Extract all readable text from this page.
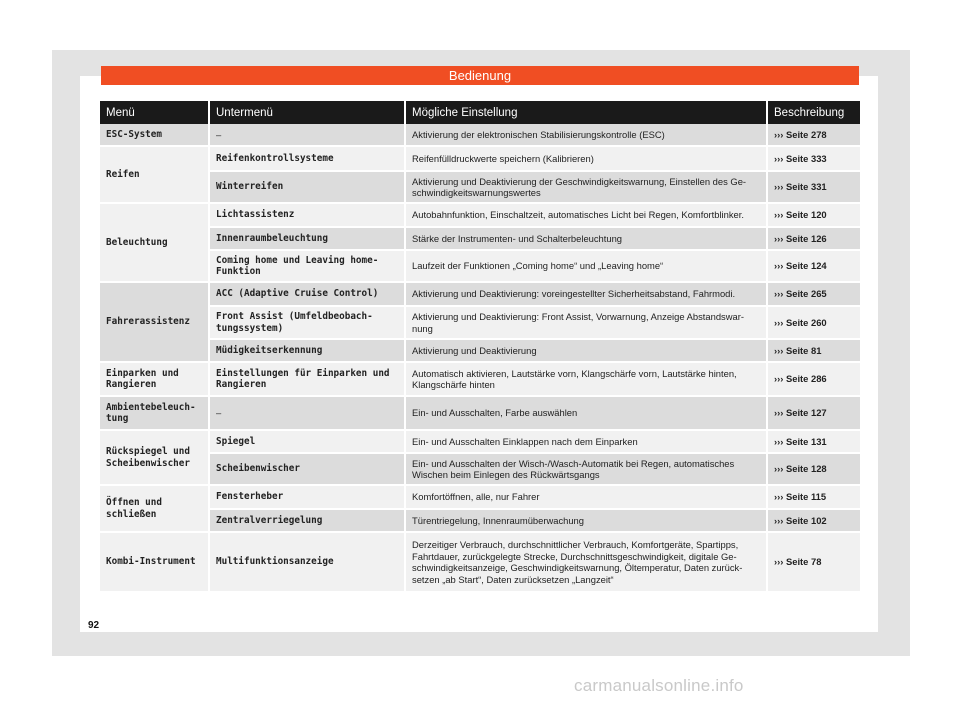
Bedienung
Menü	Untermenü	Mögliche Einstellung	Beschreibung
ESC-System	–	Aktivierung der elektronischen Stabilisierungskontrolle (ESC)	››› Seite 278
Reifen	Reifenkontrollsysteme	Reifenfülldruckwerte speichern (Kalibrieren)	››› Seite 333
	Winterreifen	Aktivierung und Deaktivierung der Geschwindigkeitswarnung, Einstellen des Ge-schwindigkeitswarnungswertes	››› Seite 331
Beleuchtung	Lichtassistenz	Autobahnfunktion, Einschaltzeit, automatisches Licht bei Regen, Komfortblinker.	››› Seite 120
	Innenraumbeleuchtung	Stärke der Instrumenten- und Schalterbeleuchtung	››› Seite 126
	Coming home und Leaving home-Funktion	Laufzeit der Funktionen „Coming home“ und „Leaving home“	››› Seite 124
Fahrerassistenz	ACC (Adaptive Cruise Control)	Aktivierung und Deaktivierung: voreingestellter Sicherheitsabstand, Fahrmodi.	››› Seite 265
	Front Assist (Umfeldbeobach-tungssystem)	Aktivierung und Deaktivierung: Front Assist, Vorwarnung, Anzeige Abstandswar-nung	››› Seite 260
	Müdigkeitserkennung	Aktivierung und Deaktivierung	››› Seite 81
Einparken und Rangieren	Einstellungen für Einparken und Rangieren	Automatisch aktivieren, Lautstärke vorn, Klangschärfe vorn, Lautstärke hinten, Klangschärfe hinten	››› Seite 286
Ambientebeleuch-tung	–	Ein- und Ausschalten, Farbe auswählen	››› Seite 127
Rückspiegel und Scheibenwischer	Spiegel	Ein- und Ausschalten Einklappen nach dem Einparken	››› Seite 131
	Scheibenwischer	Ein- und Ausschalten der Wisch-/Wasch-Automatik bei Regen, automatisches Wischen beim Einlegen des Rückwärtsgangs	››› Seite 128
Öffnen und schließen	Fensterheber	Komfortöffnen, alle, nur Fahrer	››› Seite 115
	Zentralverriegelung	Türentriegelung, Innenraumüberwachung	››› Seite 102
Kombi-Instrument	Multifunktionsanzeige	Derzeitiger Verbrauch, durchschnittlicher Verbrauch, Komfortgeräte, Spartipps, Fahrtdauer, zurückgelegte Strecke, Durchschnittsgeschwindigkeit, digitale Ge-schwindigkeitsanzeige, Geschwindigkeitswarnung, Öltemperatur, Daten zurück-setzen „ab Start“, Daten zurücksetzen „Langzeit“	››› Seite 78
92
carmanualsonline.info
